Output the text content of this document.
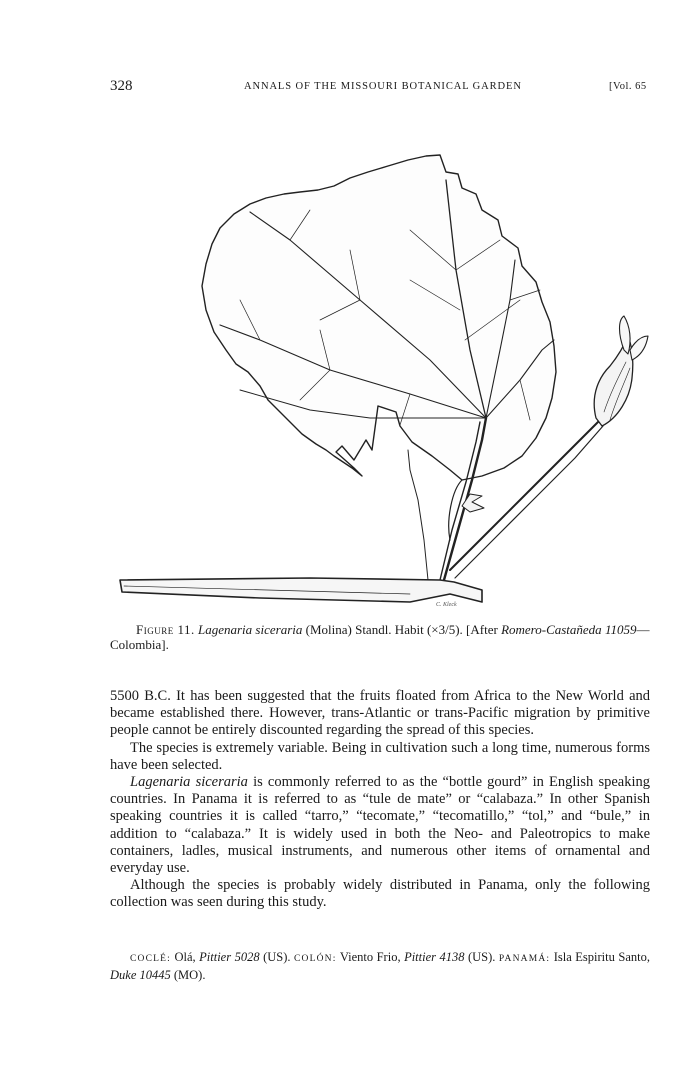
328	ANNALS OF THE MISSOURI BOTANICAL GARDEN	[Vol. 65
C. Kleck
Figure 11. Lagenaria siceraria (Molina) Standl. Habit (×3/5). [After Romero-Castañeda 11059—Colombia].

5500 B.C. It has been suggested that the fruits floated from Africa to the New World and became established there. However, trans-Atlantic or trans-Pacific migration by primitive people cannot be entirely discounted regarding the spread of this species.

The species is extremely variable. Being in cultivation such a long time, numerous forms have been selected.

Lagenaria siceraria is commonly referred to as the “bottle gourd” in English speaking countries. In Panama it is referred to as “tule de mate” or “calabaza.” In other Spanish speaking countries it is called “tarro,” “tecomate,” “tecomatillo,” “tol,” and “bule,” in addition to “calabaza.” It is widely used in both the Neo- and Paleotropics to make containers, ladles, musical instruments, and numerous other items of ornamental and everyday use.

Although the species is probably widely distributed in Panama, only the following collection was seen during this study.

COCLÉ: Olá, Pittier 5028 (US). COLÓN: Viento Frio, Pittier 4138 (US). PANAMÁ: Isla Espiritu Santo, Duke 10445 (MO).
